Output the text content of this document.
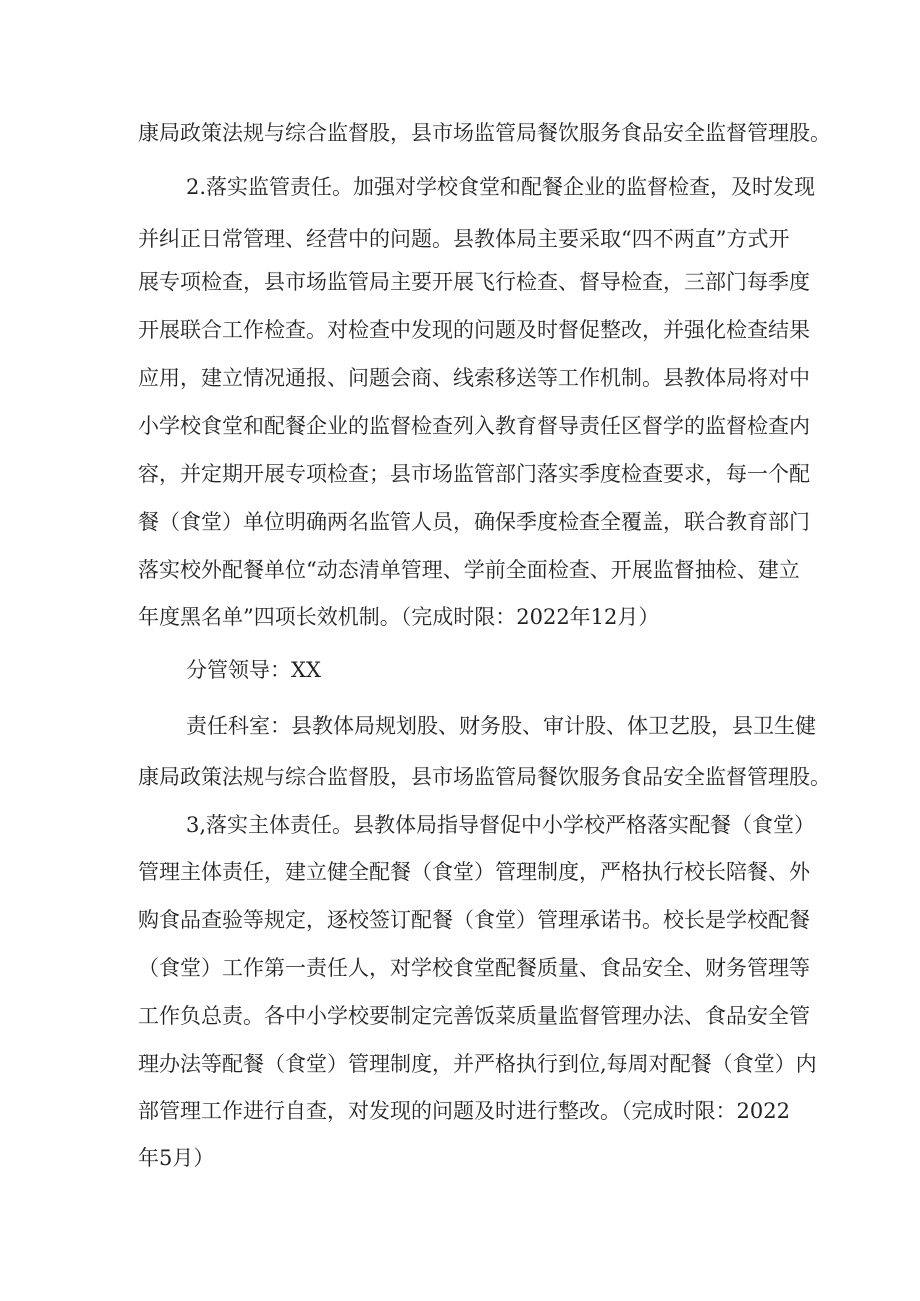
康局政策法规与综合监督股，县市场监管局餐饮服务食品安全监督管理股。
2.落实监管责任。加强对学校食堂和配餐企业的监督检查，及时发现
并纠正日常管理、经营中的问题。县教体局主要采取“四不两直”方式开
展专项检查，县市场监管局主要开展飞行检查、督导检查，三部门每季度
开展联合工作检查。对检查中发现的问题及时督促整改，并强化检查结果
应用，建立情况通报、问题会商、线索移送等工作机制。县教体局将对中
小学校食堂和配餐企业的监督检查列入教育督导责任区督学的监督检查内
容，并定期开展专项检查；县市场监管部门落实季度检查要求，每一个配
餐（食堂）单位明确两名监管人员，确保季度检查全覆盖，联合教育部门
落实校外配餐单位“动态清单管理、学前全面检查、开展监督抽检、建立
年度黑名单”四项长效机制。（完成时限：2022年12月）
分管领导：XX
责任科室：县教体局规划股、财务股、审计股、体卫艺股，县卫生健
康局政策法规与综合监督股，县市场监管局餐饮服务食品安全监督管理股。
3,落实主体责任。县教体局指导督促中小学校严格落实配餐（食堂）
管理主体责任，建立健全配餐（食堂）管理制度，严格执行校长陪餐、外
购食品查验等规定，逐校签订配餐（食堂）管理承诺书。校长是学校配餐
（食堂）工作第一责任人，对学校食堂配餐质量、食品安全、财务管理等
工作负总责。各中小学校要制定完善饭菜质量监督管理办法、食品安全管
理办法等配餐（食堂）管理制度，并严格执行到位,每周对配餐（食堂）内
部管理工作进行自查，对发现的问题及时进行整改。（完成时限：2022
年5月）
